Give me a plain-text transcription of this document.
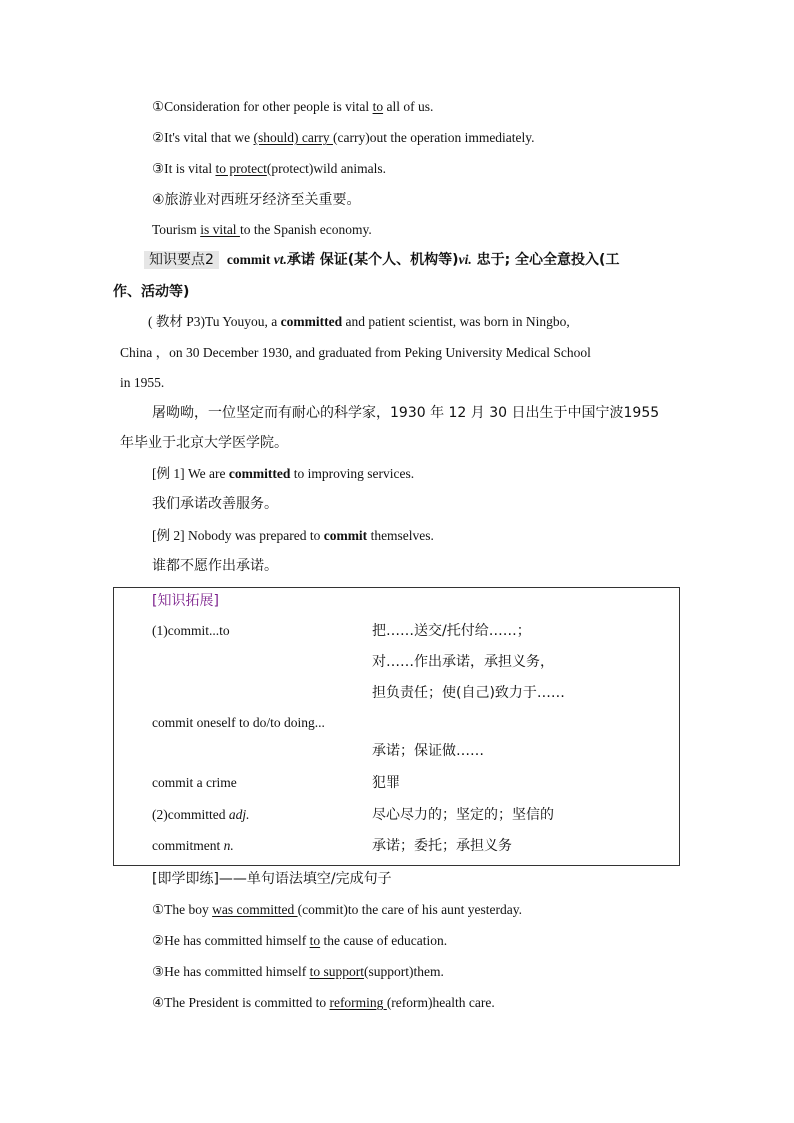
①Consideration for other people is vital to all of us.
②It's vital that we (should) carry (carry)out the operation immediately.
③It is vital to protect(protect)wild animals.
④旅游业对西班牙经济至关重要。
Tourism is vital to the Spanish economy.
知识要点2 commit vt.承诺 保证(某个人、机构等)vi. 忠于; 全心全意投入(工
作、活动等)
( 教材 P3)Tu Youyou, a committed and patient scientist, was born in Ningbo,
China ，on 30 December 1930, and graduated from Peking University Medical School
in 1955.
屠呦呦，一位坚定而有耐心的科学家，1930 年 12 月 30 日出生于中国宁波1955
年毕业于北京大学医学院。
[例 1] We are committed to improving services.
我们承诺改善服务。
[例 2] Nobody was prepared to commit themselves.
谁都不愿作出承诺。
[知识拓展]
(1)commit...to	把……送交/托付给……；
对……作出承诺，承担义务，
担负责任；使(自己)致力于……
commit oneself to do/to doing...
承诺；保证做……
commit a crime	犯罪
(2)committed adj.	尽心尽力的；坚定的；坚信的
commitment n.	承诺；委托；承担义务
[即学即练]——单句语法填空/完成句子
①The boy was committed (commit)to the care of his aunt yesterday.
②He has committed himself to the cause of education.
③He has committed himself to support(support)them.
④The President is committed to reforming (reform)health care.
